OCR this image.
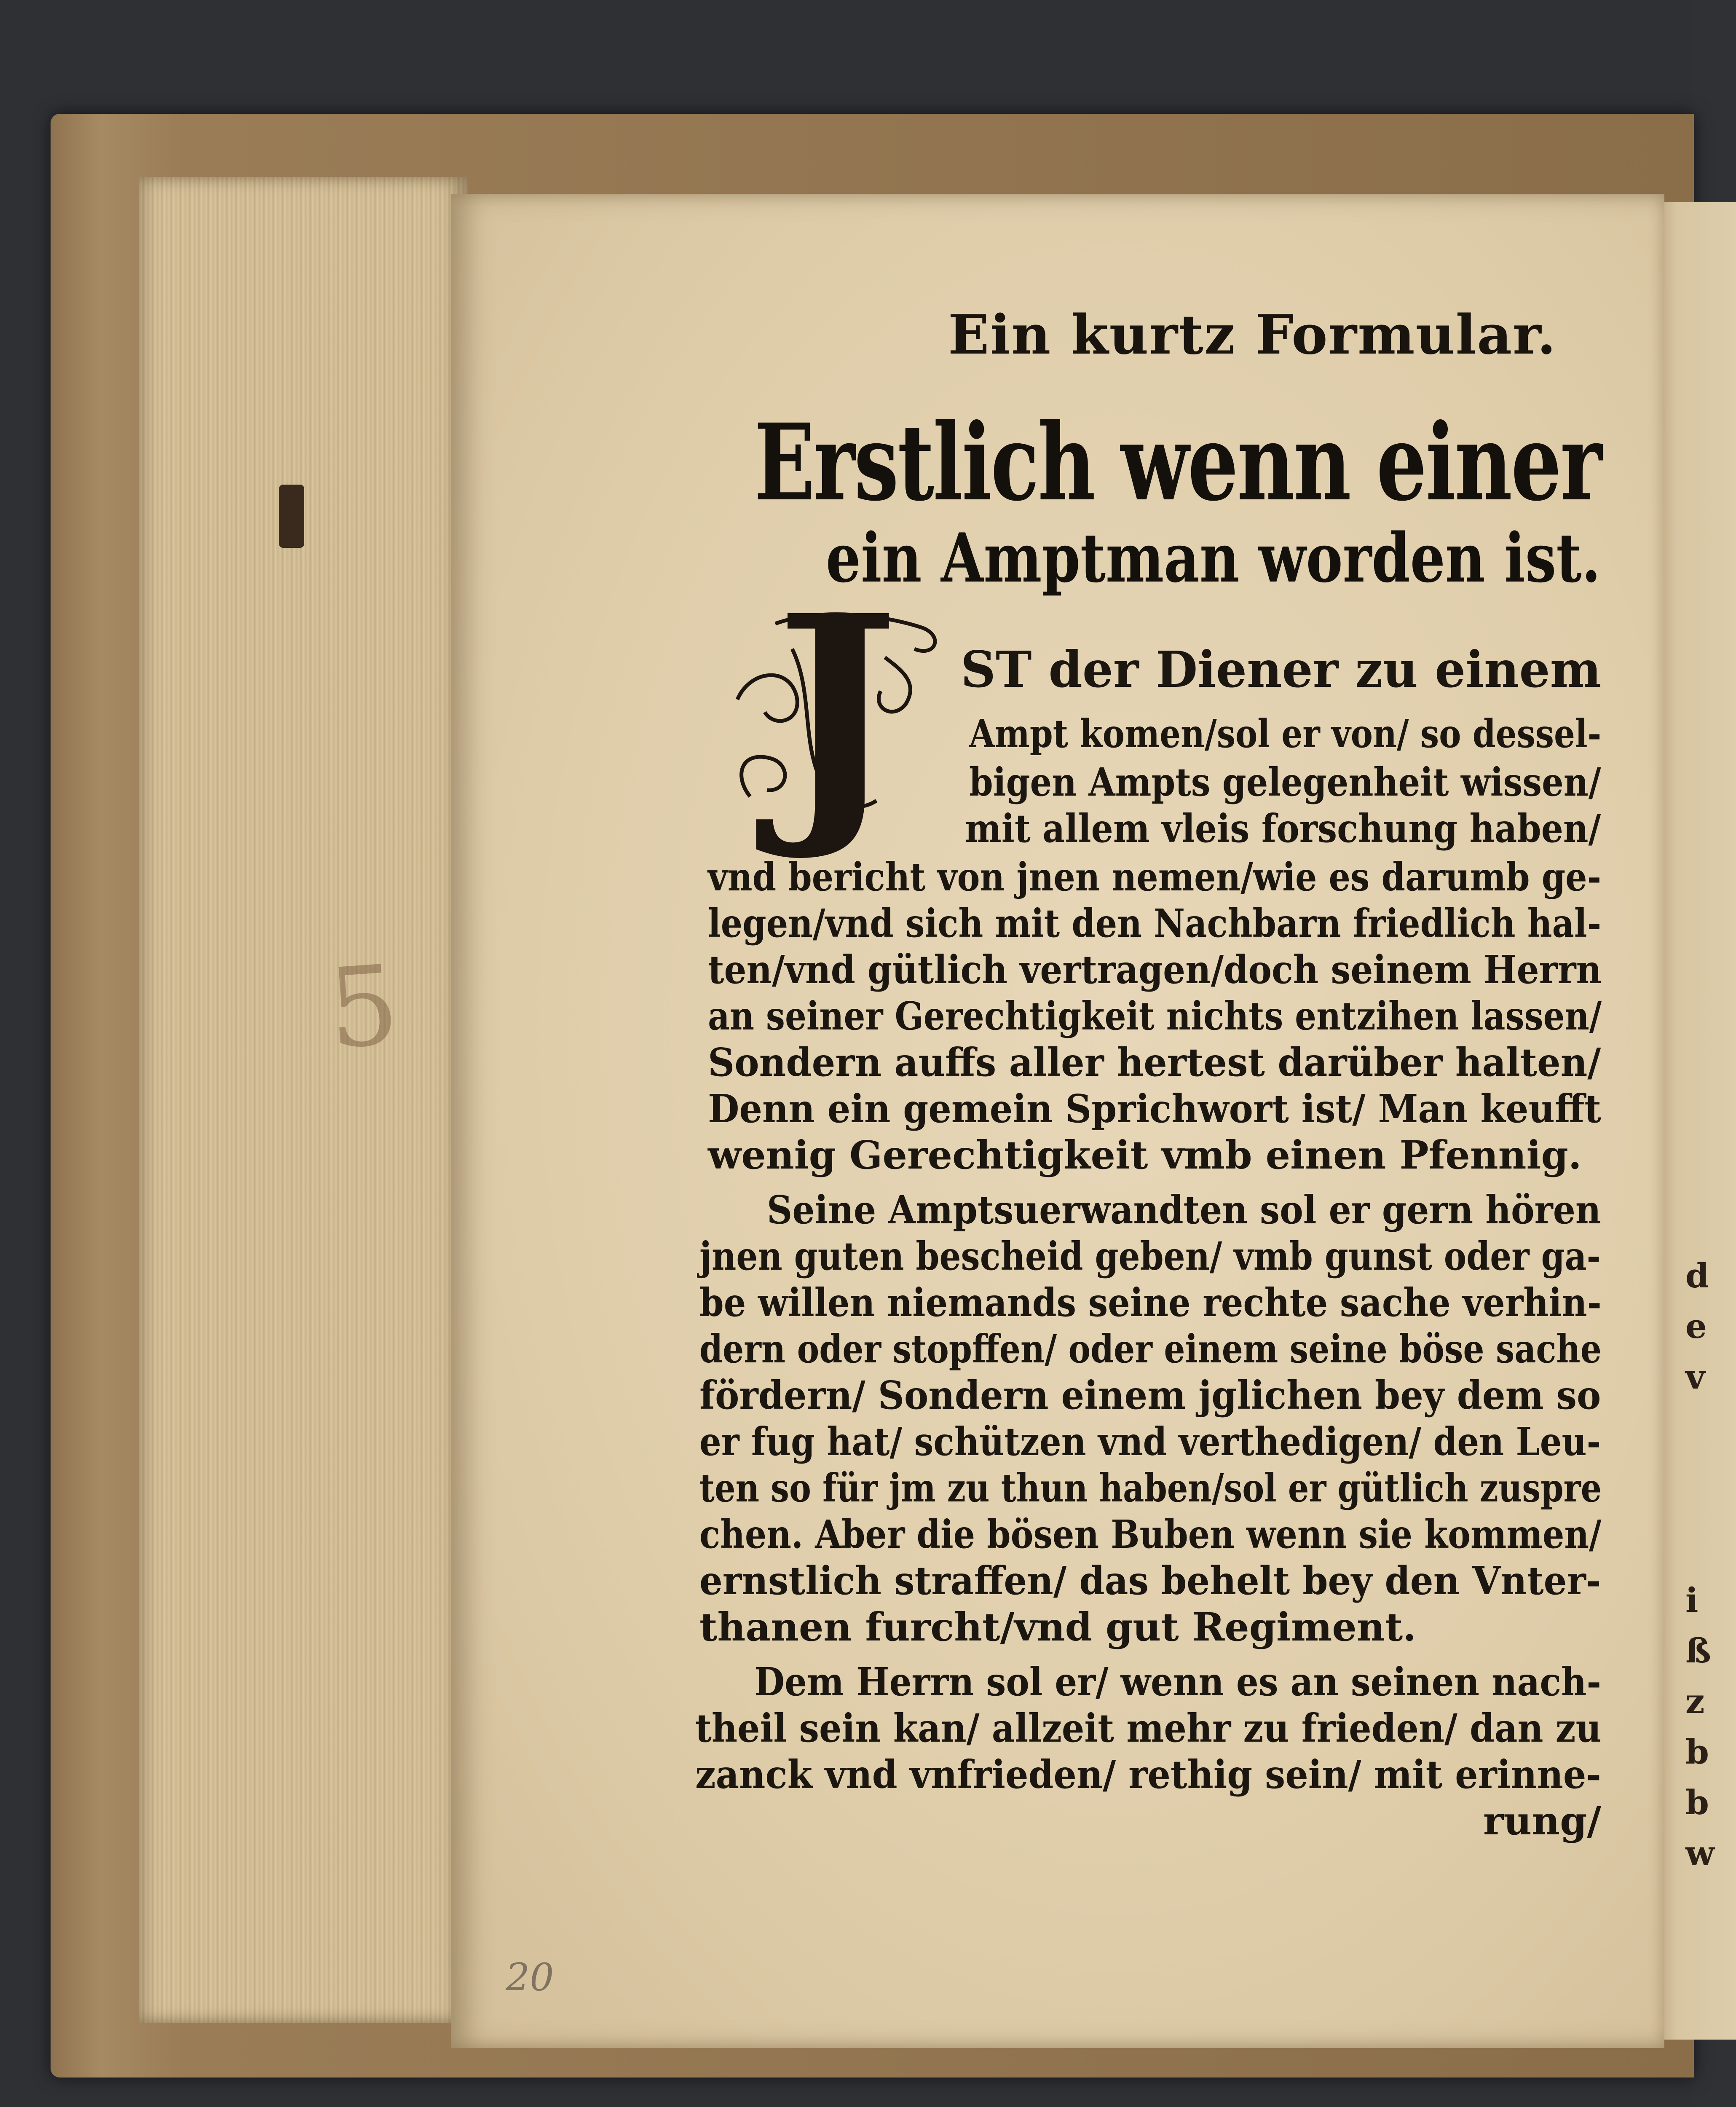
5
d
e
v
i
ß
z
b
b
w
Ein kurtz Formular.
Erstlich wenn einer
ein Amptman worden ist.
J ST der Diener zu einem
Ampt komen/sol er von/ so dessel-
bigen Ampts gelegenheit wissen/
mit allem vleis forschung haben/
vnd bericht von jnen nemen/wie es darumb ge-
legen/vnd sich mit den Nachbarn friedlich hal-
ten/vnd gütlich vertragen/doch seinem Herrn
an seiner Gerechtigkeit nichts entzihen lassen/
Sondern auffs aller hertest darüber halten/
Denn ein gemein Sprichwort ist/ Man keufft
wenig Gerechtigkeit vmb einen Pfennig.
Seine Amptsuerwandten sol er gern hören
jnen guten bescheid geben/ vmb gunst oder ga-
be willen niemands seine rechte sache verhin-
dern oder stopffen/ oder einem seine böse sache
fördern/ Sondern einem jglichen bey dem so
er fug hat/ schützen vnd verthedigen/ den Leu-
ten so für jm zu thun haben/sol er gütlich zuspre
chen. Aber die bösen Buben wenn sie kommen/
ernstlich straffen/ das behelt bey den Vnter-
thanen furcht/vnd gut Regiment.
Dem Herrn sol er/ wenn es an seinen nach-
theil sein kan/ allzeit mehr zu frieden/ dan zu
zanck vnd vnfrieden/ rethig sein/ mit erinne-
rung/
20
